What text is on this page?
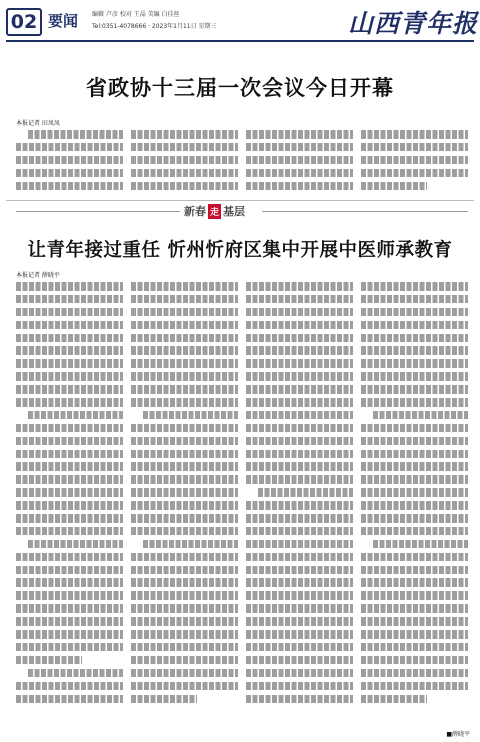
02 要闻 编辑 卢彦 校对 王晶 美编 白佳丝
Tel:0351-4078666 · 2023年1月11日 星期三	山西青年报
省政协十三届一次会议今日开幕
本报记者 田凤凤
新春 走 基层
让青年接过重任 忻州忻府区集中开展中医师承教育
本报记者 薛晓平
■薛晓平
